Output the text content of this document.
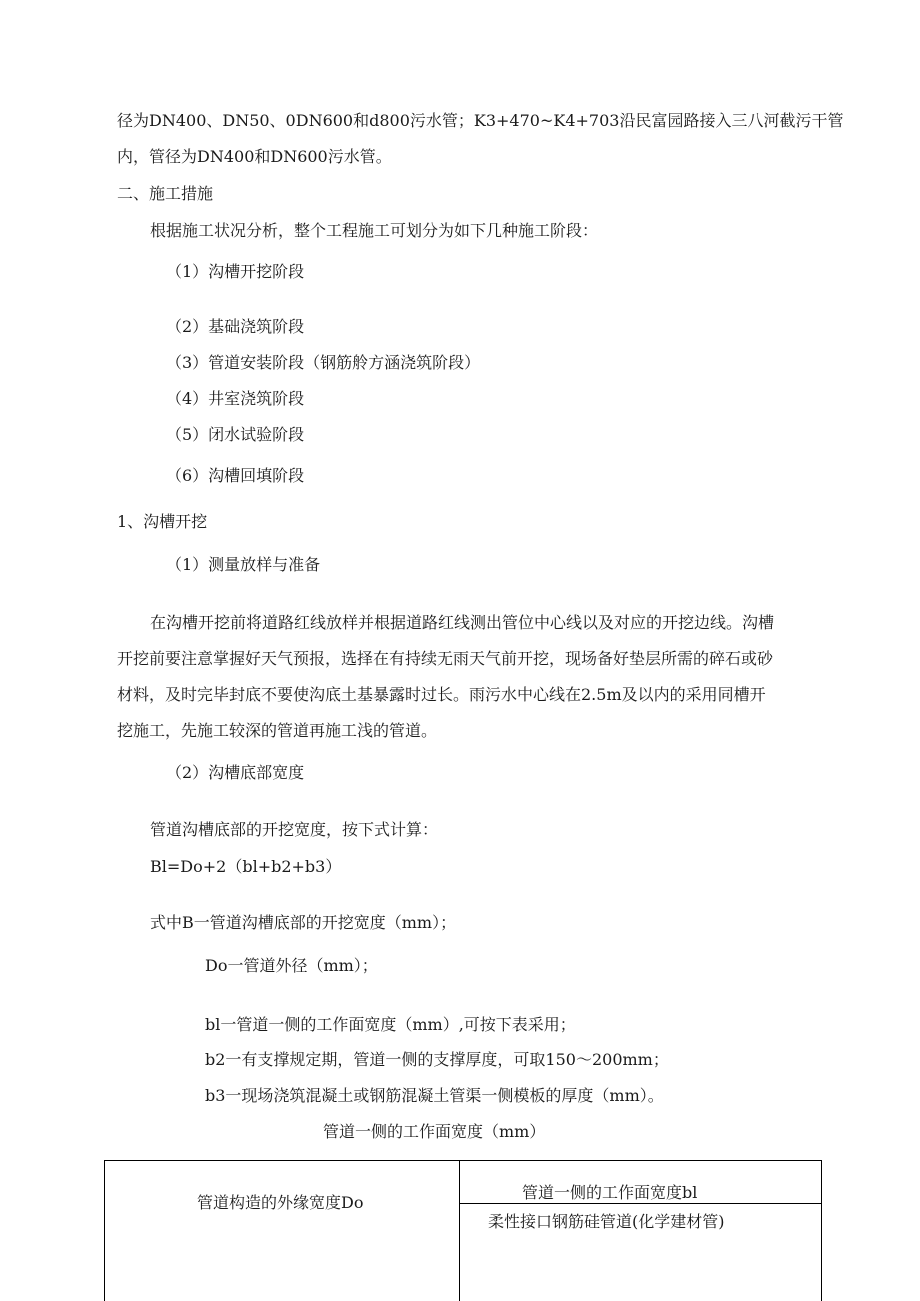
径为DN400、DN50、0DN600和d800污水管；K3+470~K4+703沿民富园路接入三八河截污干管
内，管径为DN400和DN600污水管。
二、施工措施
根据施工状况分析，整个工程施工可划分为如下几种施工阶段：
（1）沟槽开挖阶段
（2）基础浇筑阶段
（3）管道安装阶段（钢筋舲方涵浇筑阶段）
（4）井室浇筑阶段
（5）闭水试验阶段
（6）沟槽回填阶段
1、沟槽开挖
（1）测量放样与准备
在沟槽开挖前将道路红线放样并根据道路红线测出管位中心线以及对应的开挖边线。沟槽
开挖前要注意掌握好天气预报，选择在有持续无雨天气前开挖，现场备好垫层所需的碎石或砂
材料，及时完毕封底不要使沟底土基暴露时过长。雨污水中心线在2.5m及以内的采用同槽开
挖施工，先施工较深的管道再施工浅的管道。
（2）沟槽底部宽度
管道沟槽底部的开挖宽度，按下式计算：
Bl=Do+2（bl+b2+b3）
式中B一管道沟槽底部的开挖宽度（mm）；
Do一管道外径（mm）；
bl一管道一侧的工作面宽度（mm）,可按下表采用；
b2一有支撑规定期，管道一侧的支撑厚度，可取150～200mm；
b3一现场浇筑混凝土或钢筋混凝土管渠一侧模板的厚度（mm）。
管道一侧的工作面宽度（mm）
管道构造的外缘宽度Do
管道一侧的工作面宽度bl
柔性接口钢筋硅管道(化学建材管)
